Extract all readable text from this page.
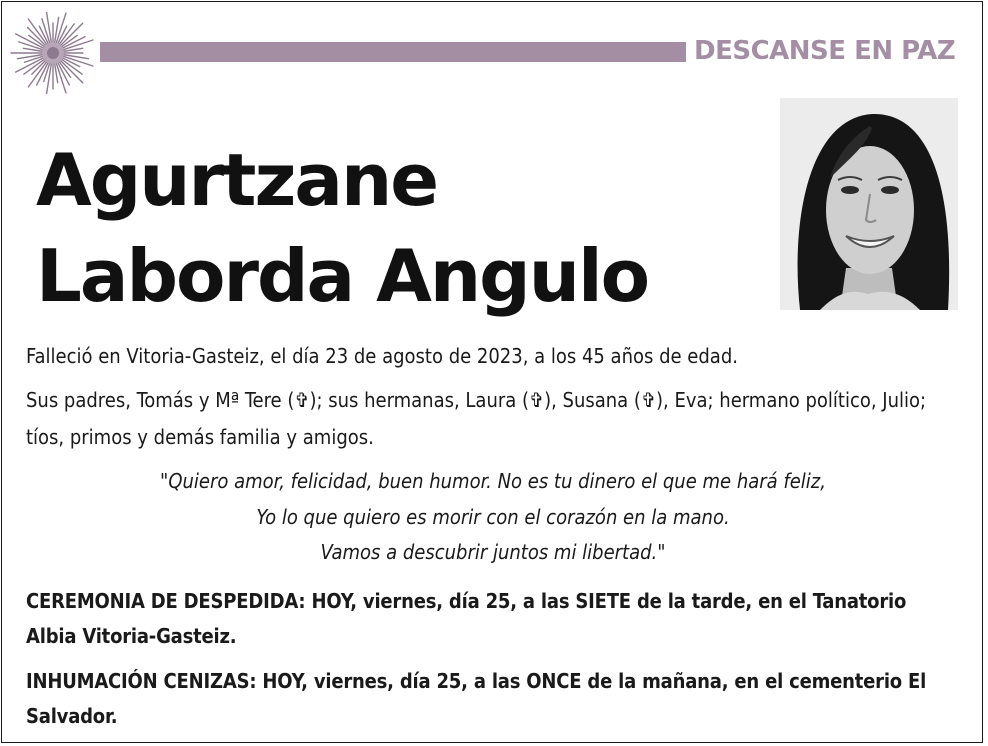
DESCANSE EN PAZ
Agurtzane
Laborda Angulo
Falleció en Vitoria-Gasteiz, el día 23 de agosto de 2023, a los 45 años de edad.
Sus padres, Tomás y Mª Tere (✞); sus hermanas, Laura (✞), Susana (✞), Eva; hermano político, Julio; tíos, primos y demás familia y amigos.
"Quiero amor, felicidad, buen humor. No es tu dinero el que me hará feliz,
Yo lo que quiero es morir con el corazón en la mano.
Vamos a descubrir juntos mi libertad."
CEREMONIA DE DESPEDIDA: HOY, viernes, día 25, a las SIETE de la tarde, en el Tanatorio Albia Vitoria-Gasteiz.
INHUMACIÓN CENIZAS: HOY, viernes, día 25, a las ONCE de la mañana, en el cementerio El Salvador.
